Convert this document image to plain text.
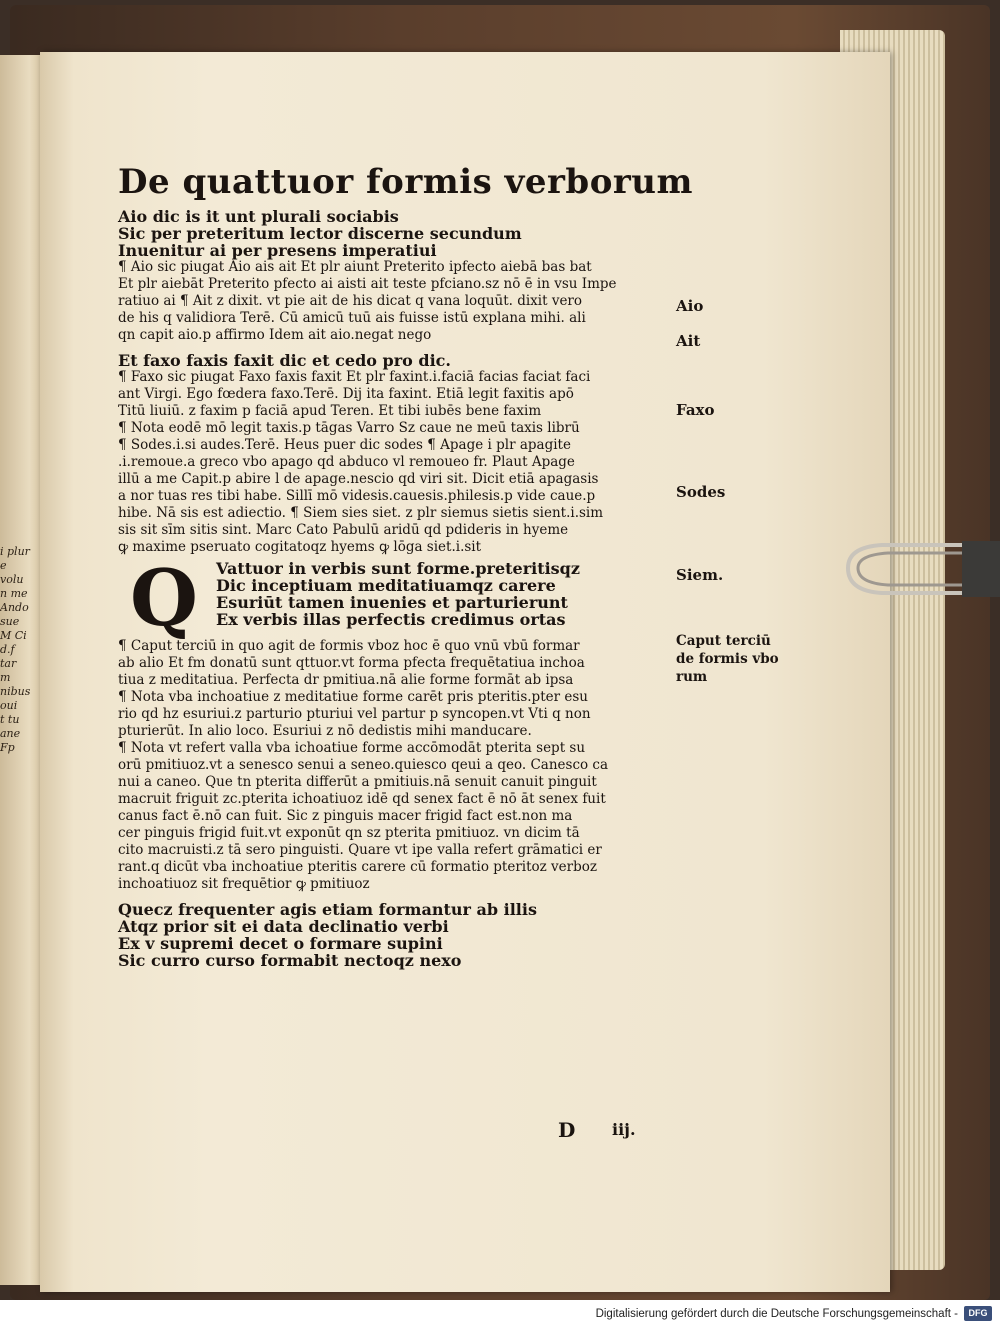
i plur
e volu
n me
Ando
sue
M Ci
d.f
tar m
nibus
oui
t tu
ane
Fp
De quattuor formis verborum
Aio dic is it unt plurali sociabis
Sic per preteritum lector discerne secundum
Inuenitur ai per presens imperatiui
¶ Aio sic piugat Aio ais ait Et plr aiunt Preterito ipfecto aiebā bas bat
Et plr aiebāt Preterito pfecto ai aisti ait teste pfciano.sz nō ē in vsu Impe
ratiuo ai ¶ Ait z dixit. vt pie ait de his dicat q vana loquūt. dixit vero
de his q validiora Terē. Cū amicū tuū ais fuisse istū explana mihi. ali
qn capit aio.p affirmo Idem ait aio.negat nego
Et faxo faxis faxit dic et cedo pro dic.
¶ Faxo sic piugat Faxo faxis faxit Et plr faxint.i.faciā facias faciat faci
ant Virgi. Ego fœdera faxo.Terē. Dij ita faxint. Etiā legit faxitis apō
Titū liuiū. z faxim p faciā apud Teren. Et tibi iubēs bene faxim
¶ Nota eodē mō legit taxis.p tāgas Varro Sz caue ne meū taxis librū
¶ Sodes.i.si audes.Terē. Heus puer dic sodes ¶ Apage i plr apagite
.i.remoue.a greco vbo apago qd abduco vl remoueo fr. Plaut Apage
illū a me Capit.p abire l de apage.nescio qd viri sit. Dicit etiā apagasis
a nor tuas res tibi habe. Sillī mō videsis.cauesis.philesis.p vide caue.p
hibe. Nā sis est adiectio. ¶ Siem sies siet. z plr siemus sietis sient.i.sim
sis sit sīm sitis sint. Marc Cato Pabulū aridū qd pdideris in hyeme
ꝙ maxime pseruato cogitatoqz hyems ꝙ lōga siet.i.sit
Q	Vattuor in verbis sunt forme.preteritisqz
Dic inceptiuam meditatiuamqz carere
Esuriūt tamen inuenies et parturierunt
Ex verbis illas perfectis credimus ortas
¶ Caput terciū in quo agit de formis vboz hoc ē quo vnū vbū formar
ab alio Et fm donatū sunt qttuor.vt forma pfecta frequētatiua inchoa
tiua z meditatiua. Perfecta dr pmitiua.nā alie forme formāt ab ipsa
¶ Nota vba inchoatiue z meditatiue forme carēt pris pteritis.pter esu
rio qd hz esuriui.z parturio pturiui vel partur p syncopen.vt Vti q non
pturierūt. In alio loco. Esuriui z nō dedistis mihi manducare.
¶ Nota vt refert valla vba ichoatiue forme accōmodāt pterita sept su
orū pmitiuoz.vt a senesco senui a seneo.quiesco qeui a qeo. Canesco ca
nui a caneo. Que tn pterita differūt a pmitiuis.nā senuit canuit pinguit
macruit friguit zc.pterita ichoatiuoz idē qd senex fact ē nō āt senex fuit
canus fact ē.nō can fuit. Sic z pinguis macer frigid fact est.non ma
cer pinguis frigid fuit.vt exponūt qn sz pterita pmitiuoz. vn dicim tā
cito macruisti.z tā sero pinguisti. Quare vt ipe valla refert grāmatici er
rant.q dicūt vba inchoatiue pteritis carere cū formatio pteritoz verboz
inchoatiuoz sit frequētior ꝙ pmitiuoz
Quecz frequenter agis etiam formantur ab illis
Atqz prior sit ei data declinatio verbi
Ex v supremi decet o formare supini
Sic curro curso formabit nectoqz nexo
Aio
Ait
Faxo
Sodes
Siem.
Caput terciū
de formis vbo
rum
D iij.
Digitalisierung gefördert durch die Deutsche Forschungsgemeinschaft -	DFG
